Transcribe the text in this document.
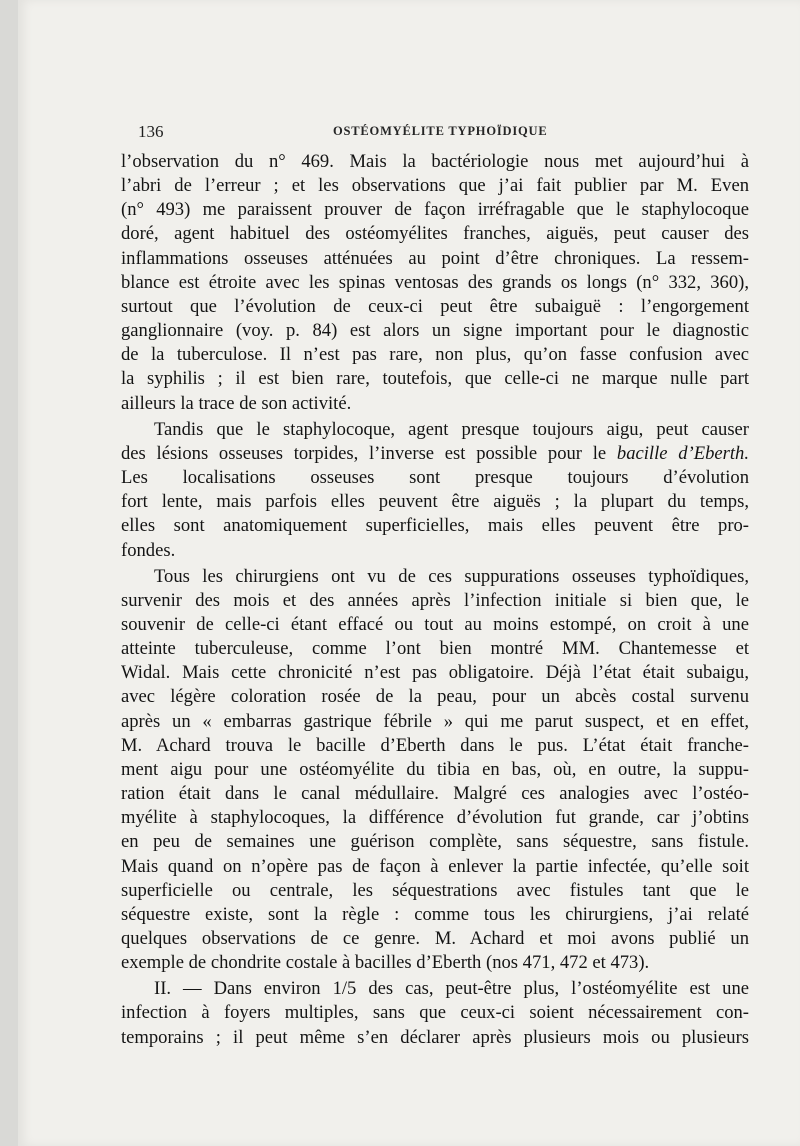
136	OSTÉOMYÉLITE TYPHOÏDIQUE
l’observation du n° 469. Mais la bactériologie nous met aujourd’hui à
l’abri de l’erreur ; et les observations que j’ai fait publier par M. Even
(n° 493) me paraissent prouver de façon irréfragable que le staphylocoque
doré, agent habituel des ostéomyélites franches, aiguës, peut causer des
inflammations osseuses atténuées au point d’être chroniques. La ressem-
blance est étroite avec les spinas ventosas des grands os longs (n° 332, 360),
surtout que l’évolution de ceux-ci peut être subaiguë : l’engorgement
ganglionnaire (voy. p. 84) est alors un signe important pour le diagnostic
de la tuberculose. Il n’est pas rare, non plus, qu’on fasse confusion avec
la syphilis ; il est bien rare, toutefois, que celle-ci ne marque nulle part
ailleurs la trace de son activité.
Tandis que le staphylocoque, agent presque toujours aigu, peut causer
des lésions osseuses torpides, l’inverse est possible pour le bacille d’Eberth.
Les localisations osseuses sont presque toujours d’évolution
fort lente, mais parfois elles peuvent être aiguës ; la plupart du temps,
elles sont anatomiquement superficielles, mais elles peuvent être pro-
fondes.
Tous les chirurgiens ont vu de ces suppurations osseuses typhoïdiques,
survenir des mois et des années après l’infection initiale si bien que, le
souvenir de celle-ci étant effacé ou tout au moins estompé, on croit à une
atteinte tuberculeuse, comme l’ont bien montré MM. Chantemesse et
Widal. Mais cette chronicité n’est pas obligatoire. Déjà l’état était subaigu,
avec légère coloration rosée de la peau, pour un abcès costal survenu
après un « embarras gastrique fébrile » qui me parut suspect, et en effet,
M. Achard trouva le bacille d’Eberth dans le pus. L’état était franche-
ment aigu pour une ostéomyélite du tibia en bas, où, en outre, la suppu-
ration était dans le canal médullaire. Malgré ces analogies avec l’ostéo-
myélite à staphylocoques, la différence d’évolution fut grande, car j’obtins
en peu de semaines une guérison complète, sans séquestre, sans fistule.
Mais quand on n’opère pas de façon à enlever la partie infectée, qu’elle soit
superficielle ou centrale, les séquestrations avec fistules tant que le
séquestre existe, sont la règle : comme tous les chirurgiens, j’ai relaté
quelques observations de ce genre. M. Achard et moi avons publié un
exemple de chondrite costale à bacilles d’Eberth (nos 471, 472 et 473).
II. — Dans environ 1/5 des cas, peut-être plus, l’ostéomyélite est une
infection à foyers multiples, sans que ceux-ci soient nécessairement con-
temporains ; il peut même s’en déclarer après plusieurs mois ou plusieurs
